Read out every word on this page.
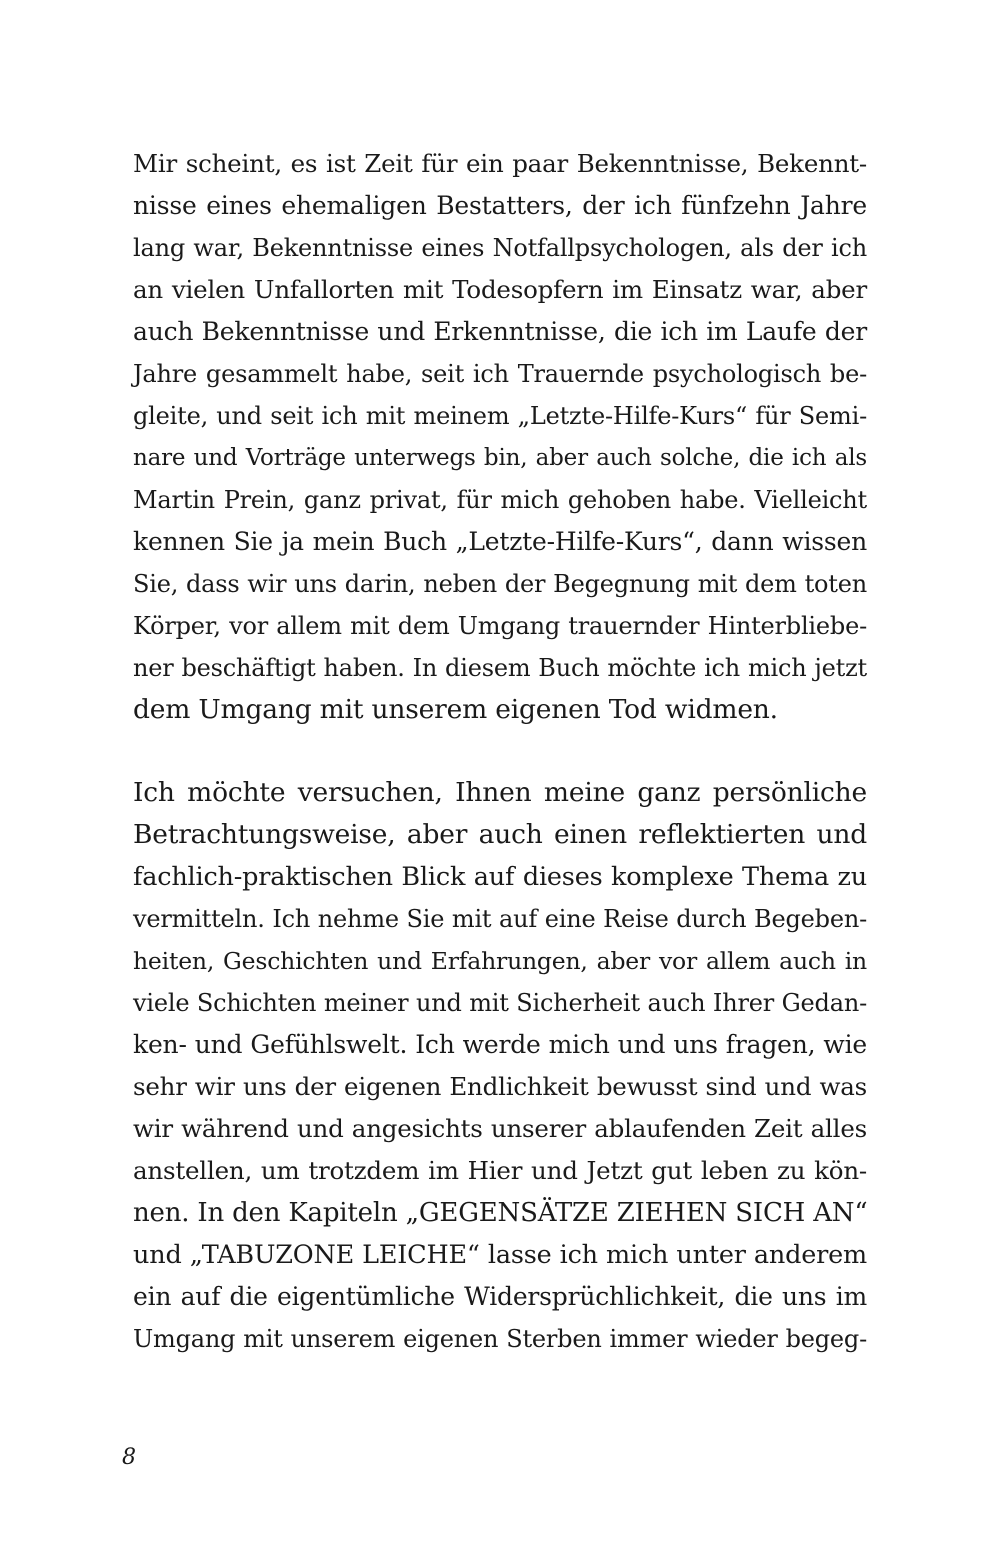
Mir scheint, es ist Zeit für ein paar Bekenntnisse, Bekennt-
nisse eines ehemaligen Bestatters, der ich fünfzehn Jahre
lang war, Bekenntnisse eines Notfallpsychologen, als der ich
an vielen Unfallorten mit Todesopfern im Einsatz war, aber
auch Bekenntnisse und Erkenntnisse, die ich im Laufe der
Jahre gesammelt habe, seit ich Trauernde psychologisch be-
gleite, und seit ich mit meinem „Letzte-Hilfe-Kurs“ für Semi-
nare und Vorträge unterwegs bin, aber auch solche, die ich als
Martin Prein, ganz privat, für mich gehoben habe. Vielleicht
kennen Sie ja mein Buch „Letzte-Hilfe-Kurs“, dann wissen
Sie, dass wir uns darin, neben der Begegnung mit dem toten
Körper, vor allem mit dem Umgang trauernder Hinterbliebe-
ner beschäftigt haben. In diesem Buch möchte ich mich jetzt
dem Umgang mit unserem eigenen Tod widmen.
Ich möchte versuchen, Ihnen meine ganz persönliche
Betrachtungsweise, aber auch einen reflektierten und
fachlich-praktischen Blick auf dieses komplexe Thema zu
vermitteln. Ich nehme Sie mit auf eine Reise durch Begeben-
heiten, Geschichten und Erfahrungen, aber vor allem auch in
viele Schichten meiner und mit Sicherheit auch Ihrer Gedan-
ken- und Gefühlswelt. Ich werde mich und uns fragen, wie
sehr wir uns der eigenen Endlichkeit bewusst sind und was
wir während und angesichts unserer ablaufenden Zeit alles
anstellen, um trotzdem im Hier und Jetzt gut leben zu kön-
nen. In den Kapiteln „GEGENSÄTZE ZIEHEN SICH AN“
und „TABUZONE LEICHE“ lasse ich mich unter anderem
ein auf die eigentümliche Widersprüchlichkeit, die uns im
Umgang mit unserem eigenen Sterben immer wieder begeg-
8
